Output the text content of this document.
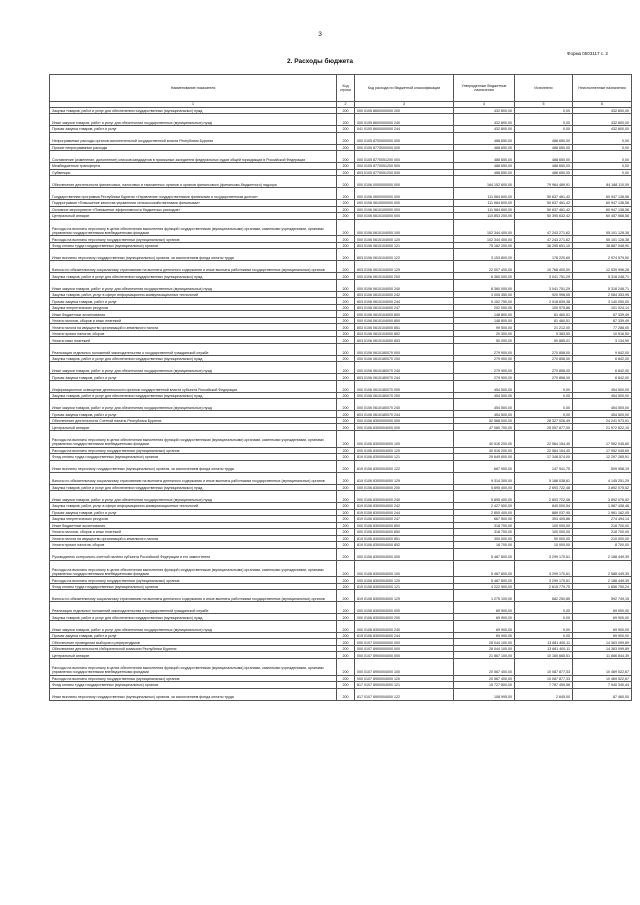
3
Форма 0503117 с. 2
2. Расходы бюджета
Наименование показателя	Код строки	Код расхода по бюджетной классификации	Утвержденные бюджетные назначения	Исполнено	Неисполненные назначения
1	2	3	4	5	6
Закупка товаров, работ и услуг для обеспечения государственных (муниципальных) нужд	200	000 0105 8600000000 200	432 800,00	0,00	432 800,00
Иные закупки товаров, работ и услуг для обеспечения государственных (муниципальных) нужд	200	000 0105 8600000000 240	432 800,00	0,00	432 800,00
Прочая закупка товаров, работ и услуг	200	041 0105 8600000000 244	432 800,00	0,00	432 800,00
Непрограммные расходы органов исполнительной государственной власти Республики Бурятия	200	000 0105 8700000000 000	488 650,00	488 650,00	0,00
Прочие непрограммные расходы	200	000 0105 8770000000 000	488 650,00	488 650,00	0,00
Составление (изменение, дополнение) списков кандидатов в присяжные заседатели федеральных судов общей юрисдикции в Российской Федерации	200	000 0105 8770051200 000	488 650,00	488 650,00	0,00
Межбюджетные трансферты	200	000 0105 8770051200 500	488 650,00	488 650,00	0,00
Субвенции	200	803 0105 8770051200 530	488 650,00	488 650,00	0,00
Обеспечение деятельности финансовых, налоговых и таможенных органов и органов финансового (финансово-бюджетного) надзора	200	000 0106 0000000000 000	164 152 600,00	79 964 489,91	84 188 110,09
Государственная программа Республики Бурятия «Управление государственными финансами и государственным долгом»	200	000 0106 0600000000 000	111 584 600,00	50 637 461,42	60 947 138,58
Подпрограмма «Повышение качества управления сельскохозяйственными финансами»	200	000 0106 0610000000 000	111 584 600,00	50 637 461,42	60 947 138,58
Основное мероприятие «Повышение эффективности бюджетных расходов»	200	000 0106 0610100000 000	111 584 600,00	50 637 461,42	60 947 138,58
Центральный аппарат	200	000 0106 0610104000 000	110 853 200,00	50 395 632,42	60 457 568,58
Расходы на выплаты персоналу в целях обеспечения выполнения функций государственными (муниципальными) органами, казенными учреждениями, органами управления государственными внебюджетными фондами	200	000 0106 0610104000 100	102 344 400,00	47 243 271,62	55 101 128,38
Расходы на выплаты персоналу государственных (муниципальных) органов	200	000 0106 0610104000 120	102 344 400,00	47 243 271,62	55 101 128,38
Фонд оплаты труда государственных (муниципальных) органов	200	803 0106 0610104000 121	75 182 200,00	36 295 651,10	38 887 548,90
Иные выплаты персоналу государственных (муниципальных) органов, за исключением фонда оплаты труда	200	803 0106 0610104000 122	3 153 800,00	178 220,60	2 974 579,50
Взносы по обязательному социальному страхованию на выплаты денежного содержания и иные выплаты работникам государственных (муниципальных) органов	200	803 0106 0610104000 129	22 007 400,00	10 768 400,00	12 539 996,28
Закупка товаров, работ и услуг для обеспечения государственных (муниципальных) нужд	200	000 0106 0610104000 200	8 360 000,00	3 041 751,29	5 318 248,71
Иные закупки товаров, работ и услуг для обеспечения государственных (муниципальных) нужд	200	000 0106 0610104000 240	8 360 000,00	3 041 751,29	5 318 248,71
Закупка товаров, работ, услуг в сфере информационно-коммуникационных технологий	200	803 0106 0610104000 242	3 005 350,00	920 996,05	2 084 353,95
Прочая закупка товаров, работ и услуг	200	803 0106 0610104000 244	5 152 750,00	2 018 609,38	3 140 050,00
Закупка энергетических ресурсов	200	803 0106 0610104000 247	202 000,00	100 975,86	101 024,14
Иные бюджетные ассигнования	200	000 0106 0610104000 800	148 800,00	81 460,51	67 339,49
Уплата налогов, сборов и иных платежей	200	000 0106 0610104000 850	148 800,00	81 460,51	67 339,49
Уплата налога на имущество организаций и земельного налога	200	803 0106 0610104000 851	99 500,00	21 212,00	77 288,00
Уплата прочих налогов, сборов	200	803 0106 0610104000 852	20 300,00	9 383,50	10 916,50
Уплата иных платежей	200	803 0106 0610104000 853	50 000,00	50 865,01	3 134,99
Реализация отдельных положений законодательства о государственной гражданской службе	200	000 0106 0610180070 000	279 900,00	270 858,00	9 842,00
Закупка товаров, работ и услуг для обеспечения государственных (муниципальных) нужд	200	000 0106 0610180070 200	279 900,00	270 858,00	6 842,00
Иные закупки товаров, работ и услуг для обеспечения государственных (муниципальных) нужд	200	000 0106 0610180070 240	279 900,00	270 858,00	6 842,00
Прочая закупка товаров, работ и услуг	200	803 0106 0610180070 244	279 900,00	270 858,00	6 842,00
Информационное освещение деятельности органов государственной власти субъекта Российской Федерации	200	000 0106 0610180070 000	454 500,00	0,00	454 500,00
Закупка товаров, работ и услуг для обеспечения государственных (муниципальных) нужд	200	000 0106 0610180070 200	454 500,00	0,00	454 500,00
Иные закупки товаров, работ и услуг для обеспечения государственных (муниципальных) нужд	200	000 0106 0610180070 240	454 500,00	0,00	454 500,00
Прочая закупка товаров, работ и услуг	200	803 0106 0610180070 244	454 500,00	0,00	454 500,00
Обеспечение деятельности Счетной палаты Республики Бурятия	200	000 0106 8300000000 000	52 568 000,00	28 327 026,49	24 241 973,51
Центральный аппарат	200	000 0106 8300004000 000	47 080 700,00	25 057 877,00	21 972 822,10
Расходы на выплаты персоналу в целях обеспечения выполнения функций государственными (муниципальными) органами, казенными учреждениями, органами управления государственными внебюджетными фондами	200	000 0106 8300004000 100	40 516 200,00	22 564 154,40	17 952 045,60
Расходы на выплаты персоналу государственных (муниципальных) органов	200	000 0106 8300004000 120	40 516 200,00	22 564 154,40	17 952 045,60
Фонд оплаты труда государственных (муниципальных) органов	200	819 0106 8300004000 121	29 649 600,00	17 348 574,00	12 297 265,91
Иные выплаты персоналу государственных (муниципальных) органов, за исключением фонда оплаты труда	200	819 0106 8300004000 122	667 900,00	147 941,75	509 958,19
Взносы по обязательному социальному страхованию на выплаты денежного содержания и иные выплаты работникам государственных (муниципальных) органов	200	819 0106 8300004000 129	9 314 300,00	5 188 038,61	4 145 251,29
Закупка товаров, работ и услуг для обеспечения государственных (муниципальных) нужд	200	000 0106 8300004000 200	5 895 400,00	2 693 722,48	3 892 075,52
Иные закупки товаров, работ и услуг для обеспечения государственных (муниципальных) нужд	200	000 0106 8300004000 240	5 895 400,00	2 693 722,48	3 892 076,52
Закупка товаров, работ, услуг в сфере информационно-коммуникационных технологий	200	819 0106 8300004000 242	2 427 500,00	840 000,54	1 587 438,46
Прочая закупка товаров, работ и услуг	200	819 0106 8300004000 244	2 800 400,00	889 037,95	1 961 162,05
Закупка энергетических ресурсов	200	819 0106 8300004000 247	667 500,00	393 405,86	274 494,14
Иные бюджетные ассигнования	200	000 0106 8300004000 800	318 700,00	100 000,00	218 700,00
Уплата налогов, сборов и иных платежей	200	000 0106 8300004000 850	318 700,00	100 000,00	218 700,00
Уплата налога на имущество организаций и земельного налога	200	819 0106 8300004000 851	300 000,00	90 000,00	210 000,00
Уплата прочих налогов, сборов	200	819 0106 8300004000 852	18 700,00	10 000,00	8 700,00
Руководитель контрольно-счетной палаты субъекта Российской Федерации и его заместители	200	000 0106 8300004000 000	5 487 800,00	3 299 170,61	2 188 449,39
Расходы на выплаты персоналу в целях обеспечения выполнения функций государственными (муниципальными) органами, казенными учреждениями, органами управления государственными внебюджетными фондами	200	000 0106 8300004000 100	5 487 800,00	3 299 170,61	2 588 449,39
Расходы на выплаты персоналу государственных (муниципальных) органов	200	000 0106 8300004000 120	5 487 800,00	3 299 170,61	2 188 449,39
Фонд оплаты труда государственных (муниципальных) органов	200	819 0106 8300004000 121	4 222 900,00	2 615 779,75	1 656 750,24
Взносы по обязательному социальному страхованию на выплаты денежного содержания и иные выплаты работникам государственных (муниципальных) органов	200	819 0106 8300004000 129	1 275 100,00	682 250,85	592 749,15
Реализация отдельных положений законодательства о государственной гражданской службе	200	000 0106 8300004000 000	69 900,00	0,00	69 900,00
Закупка товаров, работ и услуг для обеспечения государственных (муниципальных) нужд	200	000 0106 8300004000 200	69 900,00	0,00	69 900,00
Иные закупки товаров, работ и услуг для обеспечения государственных (муниципальных) нужд	200	000 0106 8300004000 240	69 900,00	0,00	69 900,00
Прочая закупка товаров, работ и услуг	200	819 0106 8300004000 244	69 900,00	0,00	69 900,00
Обеспечение проведения выборов и референдумов	200	000 0107 0000000000 000	28 044 100,00	13 681 400,11	14 363 099,89
Обеспечение деятельности Избирательной комиссии Республики Бурятия	200	000 0107 8900000000 000	28 044 100,00	13 681 400,11	14 363 099,89
Центральный аппарат	200	000 0107 8900004000 000	21 867 100,00	10 180 665,51	11 686 844,39
Расходы на выплаты персоналу в целях обеспечения выполнения функций государственными (муниципальными) органами, казенными учреждениями, органами управления государственными внебюджетными фондами	200	000 0107 8900004000 100	20 567 400,00	10 087 877,33	10 469 522,67
Расходы на выплаты персоналу государственных (муниципальных) органов	200	000 0107 8900004000 120	20 567 400,00	10 087 877,33	10 469 522,67
Фонд оплаты труда государственных (муниципальных) органов	200	817 0107 8900004000 121	15 727 800,00	7 787 459,56	7 940 340,44
Иные выплаты персоналу государственных (муниципальных) органов, за исключением фонда оплаты труда	200	817 0107 8900004000 122	108 995,00	2 645,00	87 460,00
